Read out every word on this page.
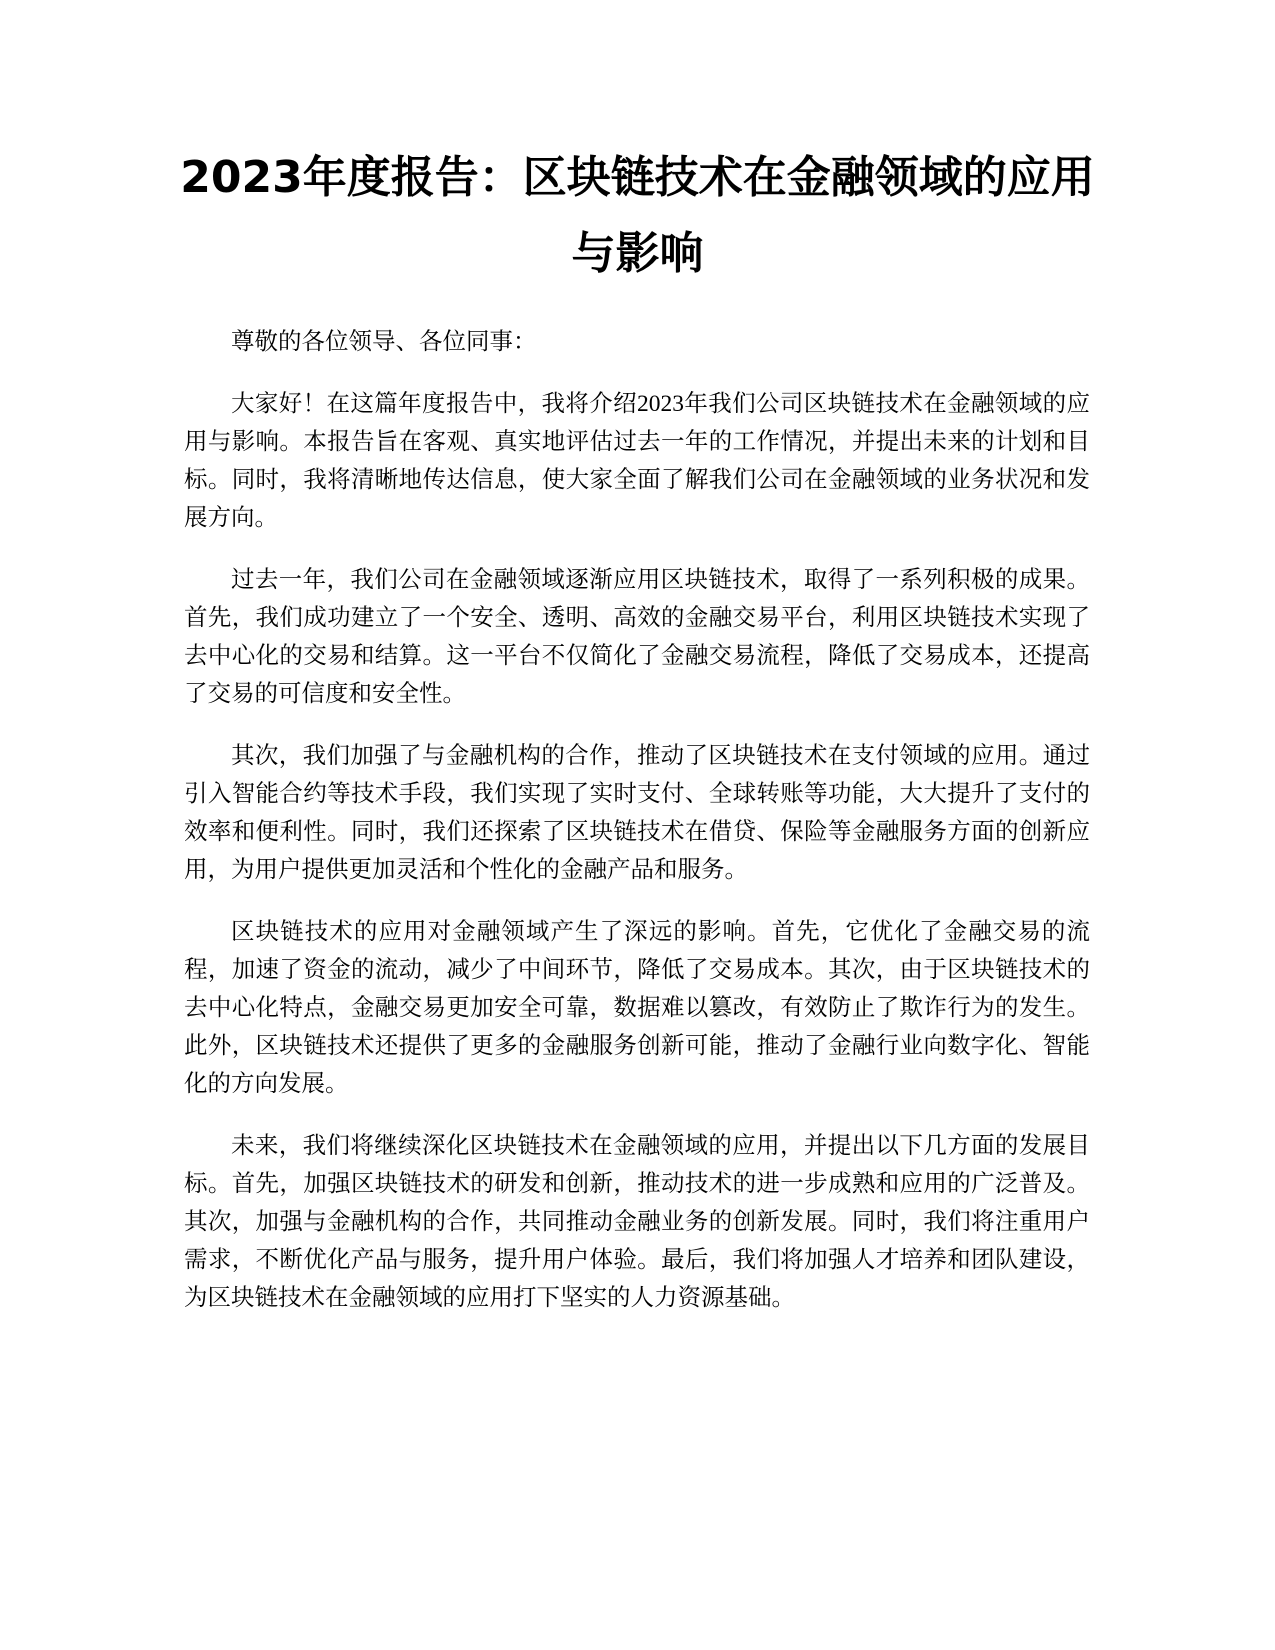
2023年度报告：区块链技术在金融领域的应用与影响

尊敬的各位领导、各位同事：

大家好！在这篇年度报告中，我将介绍2023年我们公司区块链技术在金融领域的应用与影响。本报告旨在客观、真实地评估过去一年的工作情况，并提出未来的计划和目标。同时，我将清晰地传达信息，使大家全面了解我们公司在金融领域的业务状况和发展方向。

过去一年，我们公司在金融领域逐渐应用区块链技术，取得了一系列积极的成果。首先，我们成功建立了一个安全、透明、高效的金融交易平台，利用区块链技术实现了去中心化的交易和结算。这一平台不仅简化了金融交易流程，降低了交易成本，还提高了交易的可信度和安全性。

其次，我们加强了与金融机构的合作，推动了区块链技术在支付领域的应用。通过引入智能合约等技术手段，我们实现了实时支付、全球转账等功能，大大提升了支付的效率和便利性。同时，我们还探索了区块链技术在借贷、保险等金融服务方面的创新应用，为用户提供更加灵活和个性化的金融产品和服务。

区块链技术的应用对金融领域产生了深远的影响。首先，它优化了金融交易的流程，加速了资金的流动，减少了中间环节，降低了交易成本。其次，由于区块链技术的去中心化特点，金融交易更加安全可靠，数据难以篡改，有效防止了欺诈行为的发生。此外，区块链技术还提供了更多的金融服务创新可能，推动了金融行业向数字化、智能化的方向发展。

未来，我们将继续深化区块链技术在金融领域的应用，并提出以下几方面的发展目标。首先，加强区块链技术的研发和创新，推动技术的进一步成熟和应用的广泛普及。其次，加强与金融机构的合作，共同推动金融业务的创新发展。同时，我们将注重用户需求，不断优化产品与服务，提升用户体验。最后，我们将加强人才培养和团队建设，为区块链技术在金融领域的应用打下坚实的人力资源基础。
